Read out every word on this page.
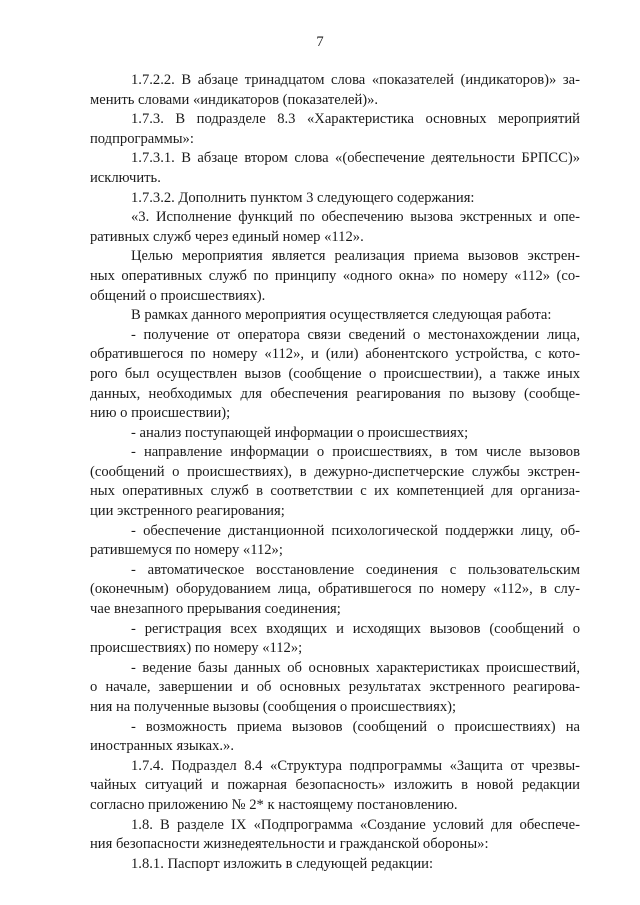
7
1.7.2.2. В абзаце тринадцатом слова «показателей (индикаторов)» за-
менить словами «индикаторов (показателей)».
1.7.3. В подразделе 8.3 «Характеристика основных мероприятий
подпрограммы»:
1.7.3.1. В абзаце втором слова «(обеспечение деятельности БРПСС)»
исключить.
1.7.3.2. Дополнить пунктом 3 следующего содержания:
«3. Исполнение функций по обеспечению вызова экстренных и опе-
ративных служб через единый номер «112».
Целью мероприятия является реализация приема вызовов экстрен-
ных оперативных служб по принципу «одного окна» по номеру «112» (со-
общений о происшествиях).
В рамках данного мероприятия осуществляется следующая работа:
- получение от оператора связи сведений о местонахождении лица,
обратившегося по номеру «112», и (или) абонентского устройства, с кото-
рого был осуществлен вызов (сообщение о происшествии), а также иных
данных, необходимых для обеспечения реагирования по вызову (сообще-
нию о происшествии);
- анализ поступающей информации о происшествиях;
- направление информации о происшествиях, в том числе вызовов
(сообщений о происшествиях), в дежурно-диспетчерские службы экстрен-
ных оперативных служб в соответствии с их компетенцией для организа-
ции экстренного реагирования;
- обеспечение дистанционной психологической поддержки лицу, об-
ратившемуся по номеру «112»;
- автоматическое восстановление соединения с пользовательским
(оконечным) оборудованием лица, обратившегося по номеру «112», в слу-
чае внезапного прерывания соединения;
- регистрация всех входящих и исходящих вызовов (сообщений о
происшествиях) по номеру «112»;
- ведение базы данных об основных характеристиках происшествий,
о начале, завершении и об основных результатах экстренного реагирова-
ния на полученные вызовы (сообщения о происшествиях);
- возможность приема вызовов (сообщений о происшествиях) на
иностранных языках.».
1.7.4. Подраздел 8.4 «Структура подпрограммы «Защита от чрезвы-
чайных ситуаций и пожарная безопасность» изложить в новой редакции
согласно приложению № 2* к настоящему постановлению.
1.8. В разделе IX «Подпрограмма «Создание условий для обеспече-
ния безопасности жизнедеятельности и гражданской обороны»:
1.8.1. Паспорт изложить в следующей редакции:
